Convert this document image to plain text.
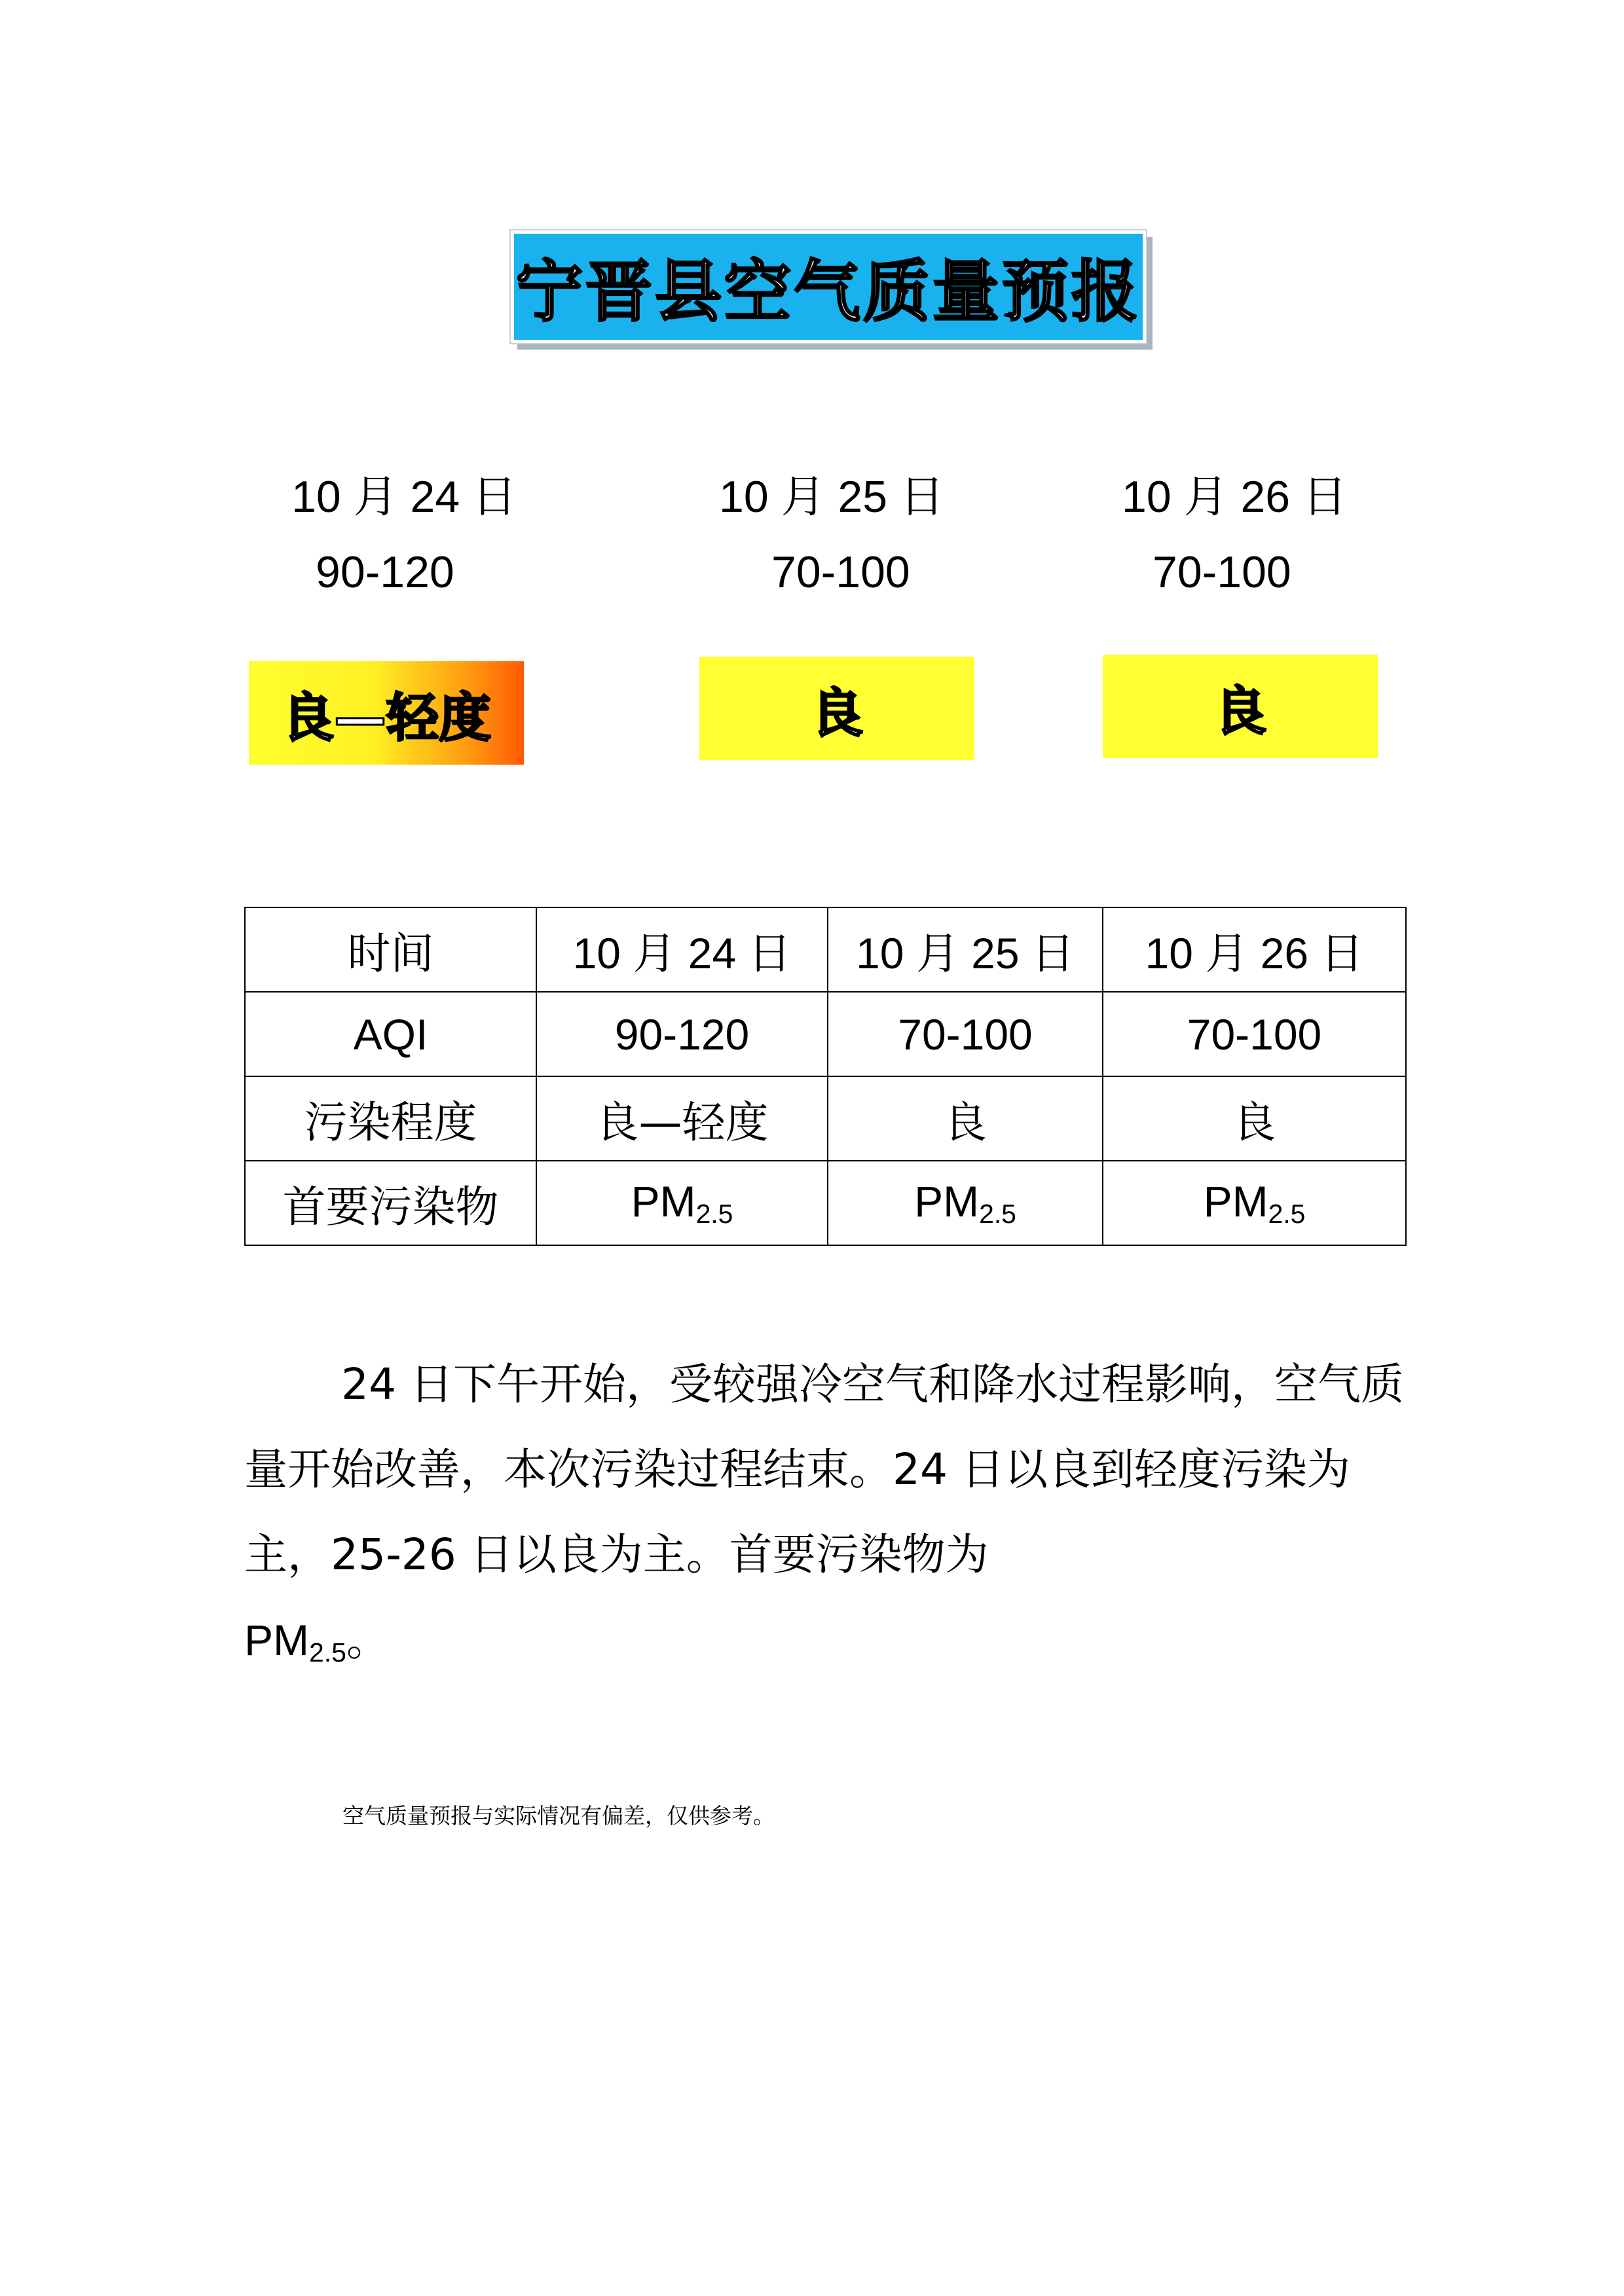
宁晋县空气质量预报
10 月 24 日
90-120
良—轻度
10 月 25 日
70-100
良
10 月 26 日
70-100
良
时间	10 月 24 日	10 月 25 日	10 月 26 日
AQI	90-120	70-100	70-100
污染程度	良—轻度	良	良
首要污染物	PM2.5	PM2.5	PM2.5

24 日下午开始，受较强冷空气和降水过程影响，空气质量开始改善，本次污染过程结束。24 日以良到轻度污染为主，25-26 日以良为主。首要污染物为
PM2.5。

空气质量预报与实际情况有偏差，仅供参考。
